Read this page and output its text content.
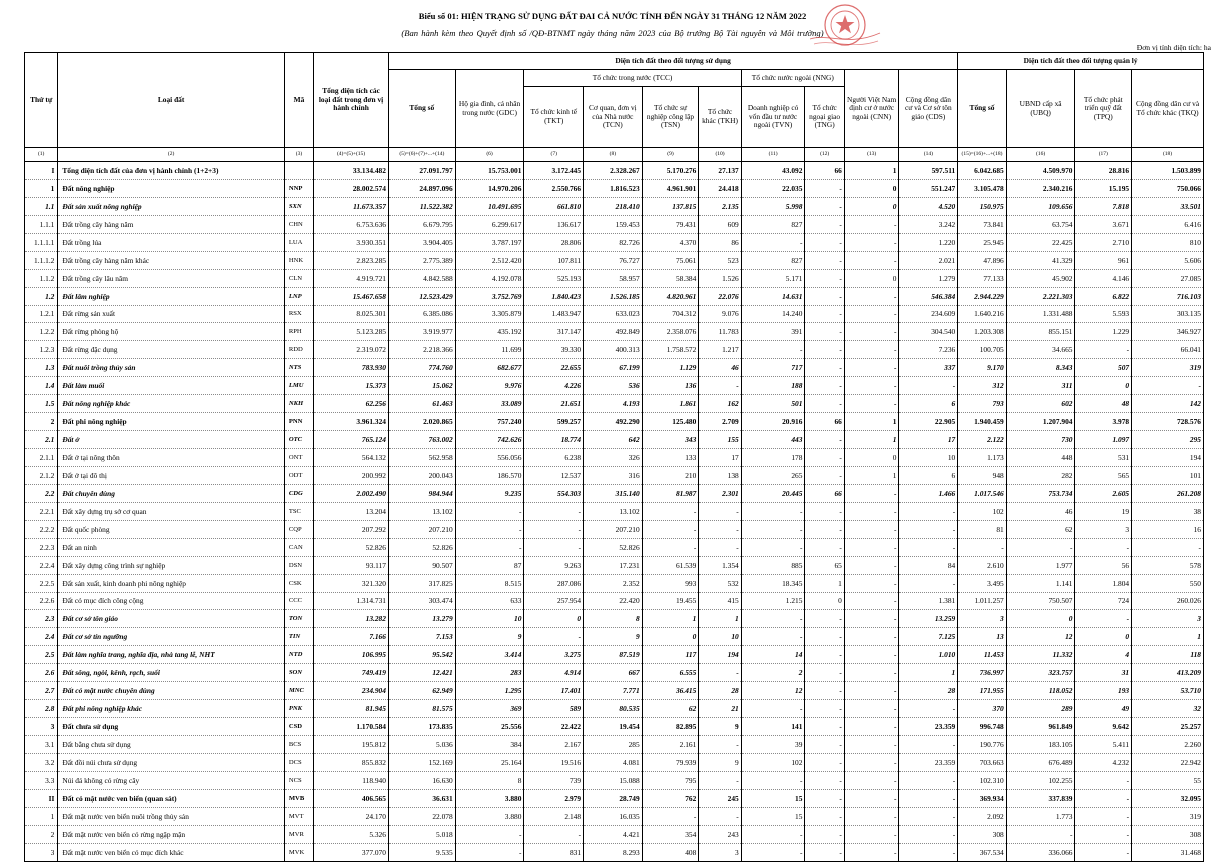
Biểu số 01: HIỆN TRẠNG SỬ DỤNG ĐẤT ĐAI CẢ NƯỚC TÍNH ĐẾN NGÀY 31 THÁNG 12 NĂM 2022
(Ban hành kèm theo Quyết định số /QĐ-BTNMT ngày tháng năm 2023 của Bộ trưởng Bộ Tài nguyên và Môi trường)
Đơn vị tính diện tích: ha
Thứ tự	Loại đất	Mã	Tổng diện tích các loại đất trong đơn vị hành chính	Diện tích đất theo đối tượng sử dụng										Diện tích đất theo đối tượng quản lý			
				Tổng số	Hộ gia đình, cá nhân trong nước (GDC)	Tổ chức trong nước (TCC)				Tổ chức nước ngoài (NNG)		Người Việt Nam định cư ở nước ngoài (CNN)	Cộng đồng dân cư và Cơ sở tôn giáo (CDS)	Tổng số	UBND cấp xã (UBQ)	Tổ chức phát triển quỹ đất (TPQ)	Cộng đồng dân cư và Tổ chức khác (TKQ)
						Tổ chức kinh tế (TKT)	Cơ quan, đơn vị của Nhà nước (TCN)	Tổ chức sự nghiệp công lập (TSN)	Tổ chức khác (TKH)	Doanh nghiệp có vốn đầu tư nước ngoài (TVN)	Tổ chức ngoại giao (TNG)						
(1)	(2)	(3)	(4)=(5)+(15)	(5)=(6)+(7)+...+(14)	(6)	(7)	(8)	(9)	(10)	(11)	(12)	(13)	(14)	(15)=(16)+...+(18)	(16)	(17)	(18)
I	Tổng diện tích đất của đơn vị hành chính (1+2+3)		33.134.482	27.091.797	15.753.001	3.172.445	2.328.267	5.170.276	27.137	43.092	66	1	597.511	6.042.685	4.509.970	28.816	1.503.899
1	Đất nông nghiệp	NNP	28.002.574	24.897.096	14.970.206	2.550.766	1.816.523	4.961.901	24.418	22.035	-	0	551.247	3.105.478	2.340.216	15.195	750.066
1.1	Đất sản xuất nông nghiệp	SXN	11.673.357	11.522.382	10.491.695	661.810	218.410	137.815	2.135	5.998	-	0	4.520	150.975	109.656	7.818	33.501
1.1.1	Đất trồng cây hàng năm	CHN	6.753.636	6.679.795	6.299.617	136.617	159.453	79.431	609	827	-	-	3.242	73.841	63.754	3.671	6.416
1.1.1.1	Đất trồng lúa	LUA	3.930.351	3.904.405	3.787.197	28.806	82.726	4.370	86	-	-	-	1.220	25.945	22.425	2.710	810
1.1.1.2	Đất trồng cây hàng năm khác	HNK	2.823.285	2.775.389	2.512.420	107.811	76.727	75.061	523	827	-	-	2.021	47.896	41.329	961	5.606
1.1.2	Đất trồng cây lâu năm	CLN	4.919.721	4.842.588	4.192.078	525.193	58.957	58.384	1.526	5.171	-	0	1.279	77.133	45.902	4.146	27.085
1.2	Đất lâm nghiệp	LNP	15.467.658	12.523.429	3.752.769	1.840.423	1.526.185	4.820.961	22.076	14.631	-	-	546.384	2.944.229	2.221.303	6.822	716.103
1.2.1	Đất rừng sản xuất	RSX	8.025.301	6.385.086	3.305.879	1.483.947	633.023	704.312	9.076	14.240	-	-	234.609	1.640.216	1.331.488	5.593	303.135
1.2.2	Đất rừng phòng hộ	RPH	5.123.285	3.919.977	435.192	317.147	492.849	2.358.076	11.783	391	-	-	304.540	1.203.308	855.151	1.229	346.927
1.2.3	Đất rừng đặc dụng	RDD	2.319.072	2.218.366	11.699	39.330	400.313	1.758.572	1.217	-	-	-	7.236	100.705	34.665	-	66.041
1.3	Đất nuôi trồng thủy sản	NTS	783.930	774.760	682.677	22.655	67.199	1.129	46	717	-	-	337	9.170	8.343	507	319
1.4	Đất làm muối	LMU	15.373	15.062	9.976	4.226	536	136	-	188	-	-	-	312	311	0	-
1.5	Đất nông nghiệp khác	NKH	62.256	61.463	33.089	21.651	4.193	1.861	162	501	-	-	6	793	602	48	142
2	Đất phi nông nghiệp	PNN	3.961.324	2.020.865	757.240	599.257	492.290	125.480	2.709	20.916	66	1	22.905	1.940.459	1.207.904	3.978	728.576
2.1	Đất ở	OTC	765.124	763.002	742.626	18.774	642	343	155	443	-	1	17	2.122	730	1.097	295
2.1.1	Đất ở tại nông thôn	ONT	564.132	562.958	556.056	6.238	326	133	17	178	-	0	10	1.173	448	531	194
2.1.2	Đất ở tại đô thị	ODT	200.992	200.043	186.570	12.537	316	210	138	265	-	1	6	948	282	565	101
2.2	Đất chuyên dùng	CDG	2.002.490	984.944	9.235	554.303	315.140	81.987	2.301	20.445	66	-	1.466	1.017.546	753.734	2.605	261.208
2.2.1	Đất xây dựng trụ sở cơ quan	TSC	13.204	13.102	-	-	13.102	-	-	-	-	-	-	102	46	19	38
2.2.2	Đất quốc phòng	CQP	207.292	207.210	-	-	207.210	-	-	-	-	-	-	81	62	3	16
2.2.3	Đất an ninh	CAN	52.826	52.826	-	-	52.826	-	-	-	-	-	-	-	-	-	-
2.2.4	Đất xây dựng công trình sự nghiệp	DSN	93.117	90.507	87	9.263	17.231	61.539	1.354	885	65	-	84	2.610	1.977	56	578
2.2.5	Đất sản xuất, kinh doanh phi nông nghiệp	CSK	321.320	317.825	8.515	287.086	2.352	993	532	18.345	1	-	-	3.495	1.141	1.804	550
2.2.6	Đất có mục đích công cộng	CCC	1.314.731	303.474	633	257.954	22.420	19.455	415	1.215	0	-	1.381	1.011.257	750.507	724	260.026
2.3	Đất cơ sở tôn giáo	TON	13.282	13.279	10	0	8	1	1	-	-	-	13.259	3	0	-	3
2.4	Đất cơ sở tín ngưỡng	TIN	7.166	7.153	9	-	9	0	10	-	-	-	7.125	13	12	0	1
2.5	Đất làm nghĩa trang, nghĩa địa, nhà tang lễ, NHT	NTD	106.995	95.542	3.414	3.275	87.519	117	194	14	-	-	1.010	11.453	11.332	4	118
2.6	Đất sông, ngòi, kênh, rạch, suối	SON	749.419	12.421	283	4.914	667	6.555	-	2	-	-	1	736.997	323.757	31	413.209
2.7	Đất có mặt nước chuyên dùng	MNC	234.904	62.949	1.295	17.401	7.771	36.415	28	12	-	-	28	171.955	118.052	193	53.710
2.8	Đất phi nông nghiệp khác	PNK	81.945	81.575	369	589	80.535	62	21	-	-	-	-	370	289	49	32
3	Đất chưa sử dụng	CSD	1.170.584	173.835	25.556	22.422	19.454	82.895	9	141	-	-	23.359	996.748	961.849	9.642	25.257
3.1	Đất bằng chưa sử dụng	BCS	195.812	5.036	384	2.167	285	2.161	-	39	-	-	-	190.776	183.105	5.411	2.260
3.2	Đất đồi núi chưa sử dụng	DCS	855.832	152.169	25.164	19.516	4.081	79.939	9	102	-	-	23.359	703.663	676.489	4.232	22.942
3.3	Núi đá không có rừng cây	NCS	118.940	16.630	8	739	15.088	795	-	-	-	-	-	102.310	102.255	-	55
II	Đất có mặt nước ven biển (quan sát)	MVB	406.565	36.631	3.880	2.979	28.749	762	245	15	-	-	-	369.934	337.839	-	32.095
1	Đất mặt nước ven biển nuôi trồng thủy sản	MVT	24.170	22.078	3.880	2.148	16.035	-	-	15	-	-	-	2.092	1.773	-	319
2	Đất mặt nước ven biển có rừng ngập mặn	MVR	5.326	5.018	-	-	4.421	354	243	-	-	-	-	308	-	-	308
3	Đất mặt nước ven biển có mục đích khác	MVK	377.070	9.535	-	831	8.293	408	3	-	-	-	-	367.534	336.066	-	31.468
